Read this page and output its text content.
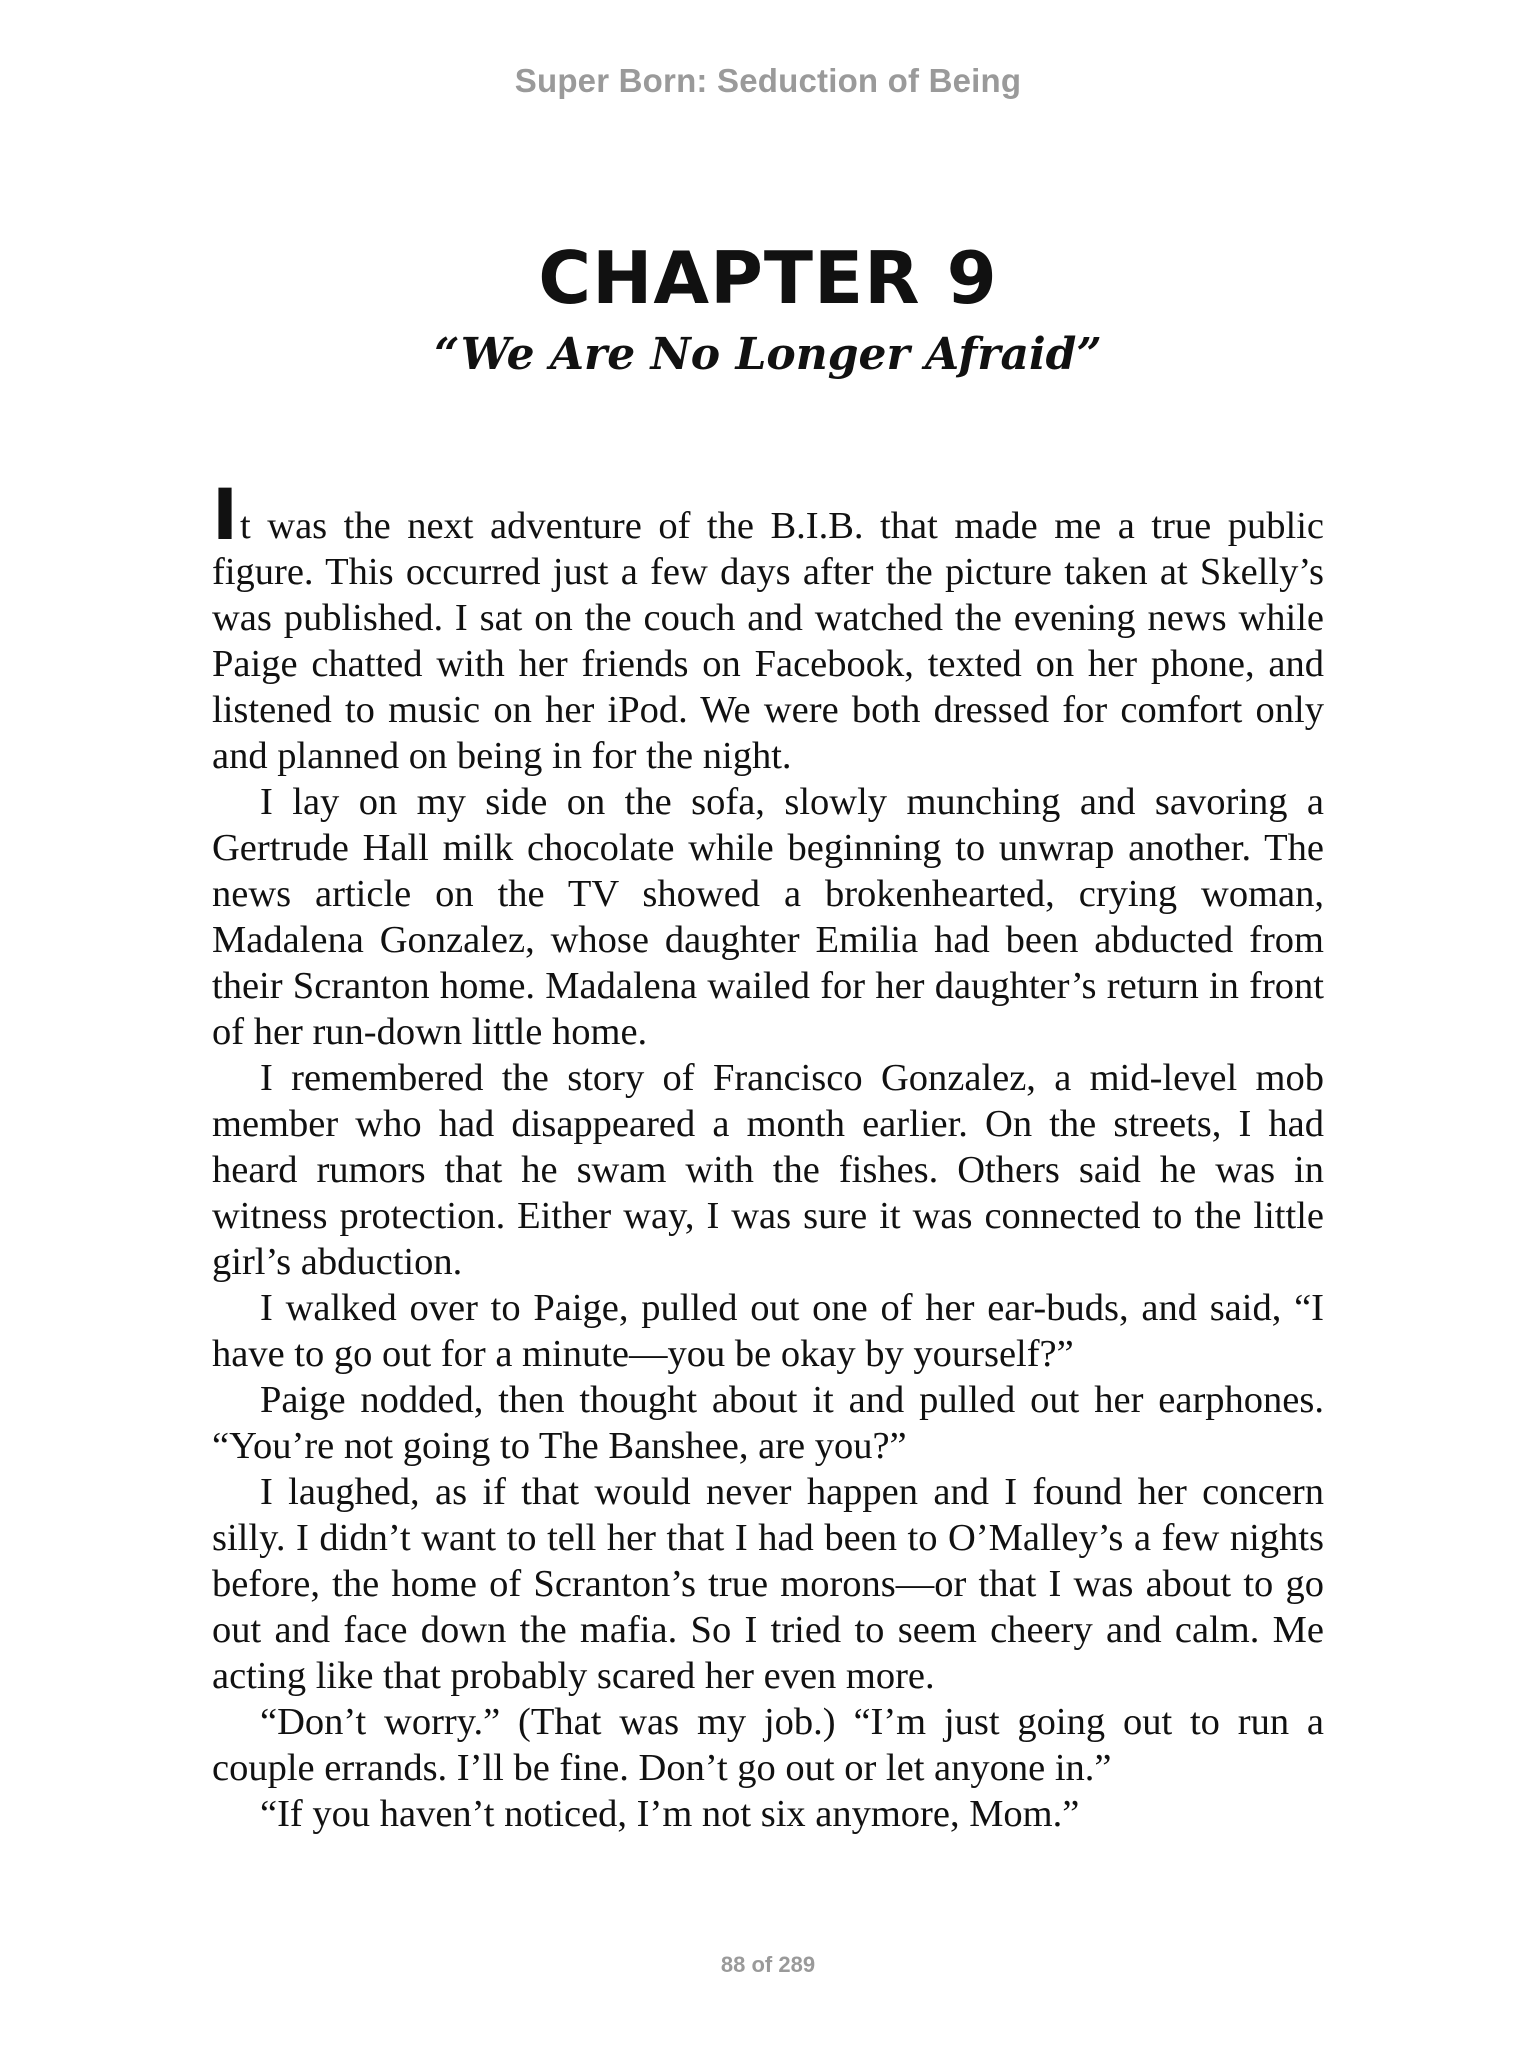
Super Born: Seduction of Being
CHAPTER 9
“We Are No Longer Afraid”

It was the next adventure of the B.I.B. that made me a true public figure. This occurred just a few days after the picture taken at Skelly’s was published. I sat on the couch and watched the evening news while Paige chatted with her friends on Facebook, texted on her phone, and listened to music on her iPod. We were both dressed for comfort only and planned on being in for the night.

I lay on my side on the sofa, slowly munching and savoring a Gertrude Hall milk chocolate while beginning to unwrap another. The news article on the TV showed a brokenhearted, crying woman, Madalena Gonzalez, whose daughter Emilia had been abducted from their Scranton home. Madalena wailed for her daughter’s return in front of her run-down little home.

I remembered the story of Francisco Gonzalez, a mid-level mob member who had disappeared a month earlier. On the streets, I had heard rumors that he swam with the fishes. Others said he was in witness protection. Either way, I was sure it was connected to the little girl’s abduction.

I walked over to Paige, pulled out one of her ear-buds, and said, “I have to go out for a minute—you be okay by yourself?”

Paige nodded, then thought about it and pulled out her earphones. “You’re not going to The Banshee, are you?”

I laughed, as if that would never happen and I found her concern silly. I didn’t want to tell her that I had been to O’Malley’s a few nights before, the home of Scranton’s true morons—or that I was about to go out and face down the mafia. So I tried to seem cheery and calm. Me acting like that probably scared her even more.

“Don’t worry.” (That was my job.) “I’m just going out to run a couple errands. I’ll be fine. Don’t go out or let anyone in.”

“If you haven’t noticed, I’m not six anymore, Mom.”

88 of 289
